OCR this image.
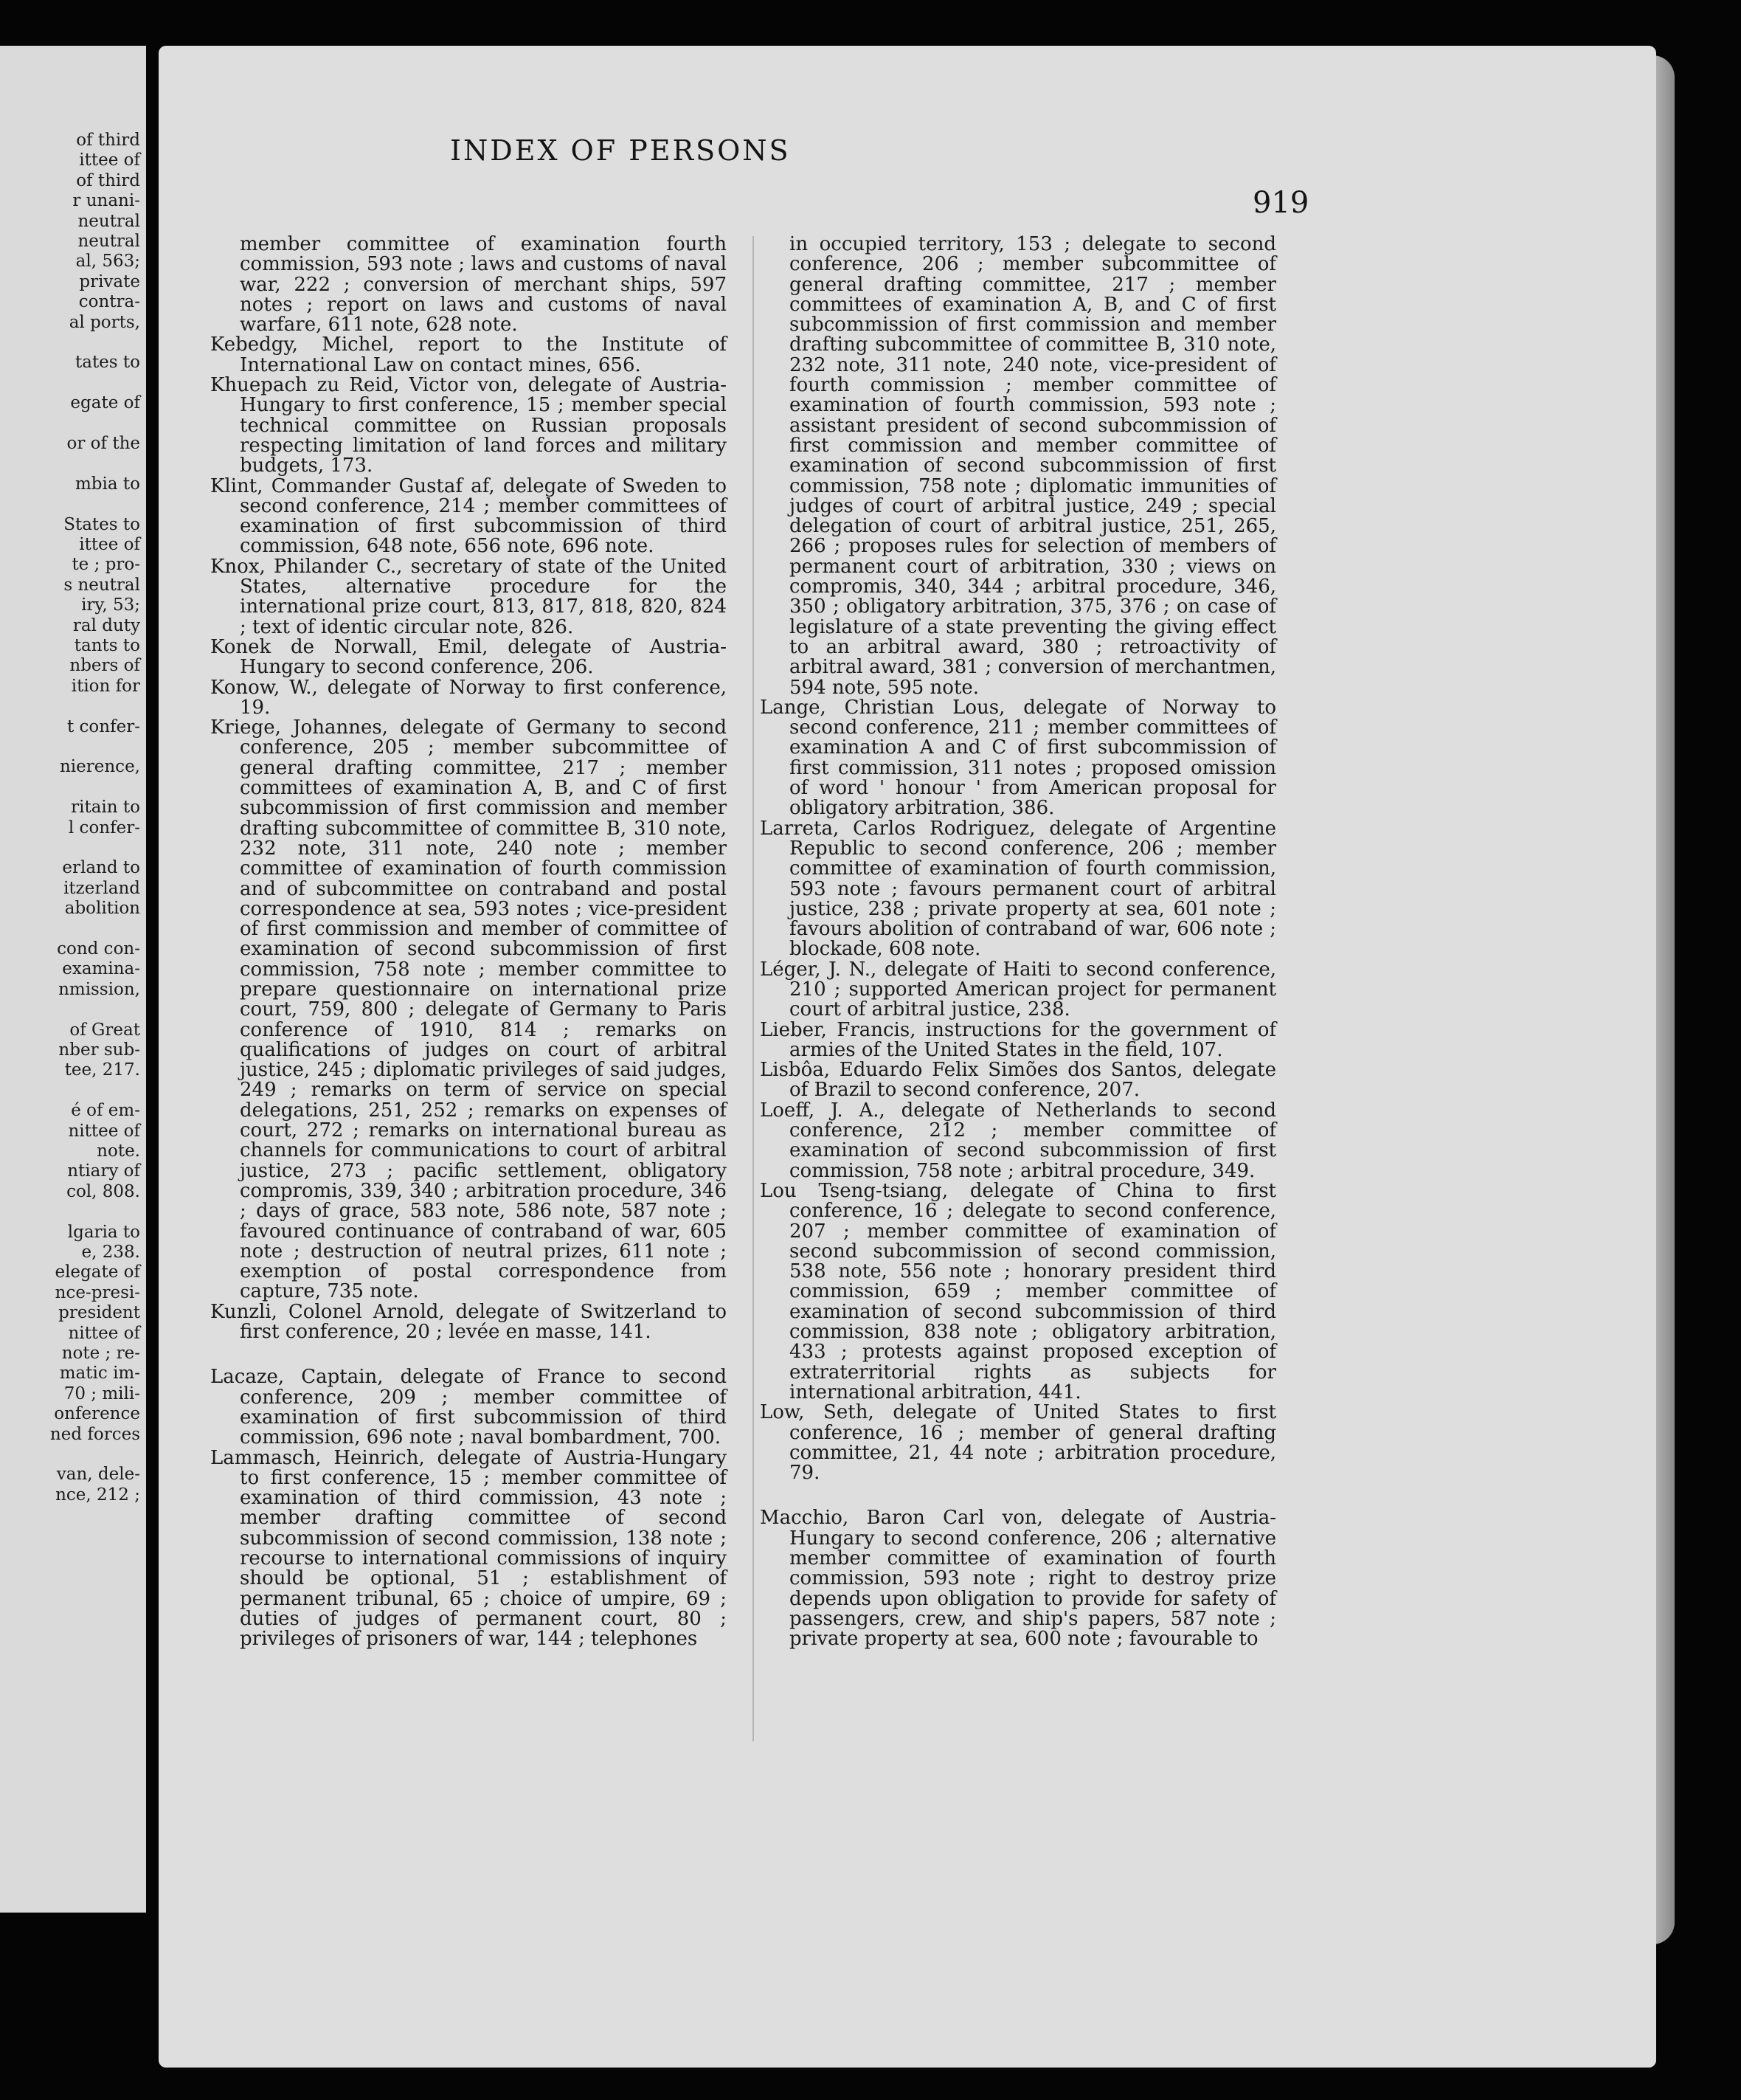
of third
ittee of
of third
r unani-
neutral
neutral
al, 563;
private
contra-
al ports,
tates to
egate of
or of the
mbia to
States to
ittee of
te ; pro-
s neutral
iry, 53;
ral duty
tants to
nbers of
ition for
t confer-
nierence,
ritain to
l confer-
erland to
itzerland
abolition
cond con-
examina-
nmission,
of Great
nber sub-
tee, 217.
é of em-
nittee of
note.
ntiary of
col, 808.
lgaria to
e, 238.
elegate of
nce-presi-
president
nittee of
note ; re-
matic im-
70 ; mili-
onference
ned forces
van, dele-
nce, 212 ;
INDEX OF PERSONS
919

member committee of examination fourth commission, 593 note ; laws and customs of naval war, 222 ; conversion of merchant ships, 597 notes ; report on laws and customs of naval warfare, 611 note, 628 note.

Kebedgy, Michel, report to the Institute of International Law on contact mines, 656.

Khuepach zu Reid, Victor von, delegate of Austria-Hungary to first conference, 15 ; member special technical committee on Russian proposals respecting limitation of land forces and military budgets, 173.

Klint, Commander Gustaf af, delegate of Sweden to second conference, 214 ; member committees of examination of first subcommission of third commission, 648 note, 656 note, 696 note.

Knox, Philander C., secretary of state of the United States, alternative procedure for the international prize court, 813, 817, 818, 820, 824 ; text of identic circular note, 826.

Konek de Norwall, Emil, delegate of Austria-Hungary to second conference, 206.

Konow, W., delegate of Norway to first conference, 19.

Kriege, Johannes, delegate of Germany to second conference, 205 ; member subcommittee of general drafting committee, 217 ; member committees of examination A, B, and C of first subcommission of first commission and member drafting subcommittee of committee B, 310 note, 232 note, 311 note, 240 note ; member committee of examination of fourth commission and of subcommittee on contraband and postal correspondence at sea, 593 notes ; vice-president of first commission and member of committee of examination of second subcommission of first commission, 758 note ; member committee to prepare questionnaire on international prize court, 759, 800 ; delegate of Germany to Paris conference of 1910, 814 ; remarks on qualifications of judges on court of arbitral justice, 245 ; diplomatic privileges of said judges, 249 ; remarks on term of service on special delegations, 251, 252 ; remarks on expenses of court, 272 ; remarks on international bureau as channels for communications to court of arbitral justice, 273 ; pacific settlement, obligatory compromis, 339, 340 ; arbitration procedure, 346 ; days of grace, 583 note, 586 note, 587 note ; favoured continuance of contraband of war, 605 note ; destruction of neutral prizes, 611 note ; exemption of postal correspondence from capture, 735 note.

Kunzli, Colonel Arnold, delegate of Switzerland to first conference, 20 ; levée en masse, 141.

Lacaze, Captain, delegate of France to second conference, 209 ; member committee of examination of first subcommission of third commission, 696 note ; naval bombardment, 700.

Lammasch, Heinrich, delegate of Austria-Hungary to first conference, 15 ; member committee of examination of third commission, 43 note ; member drafting committee of second subcommission of second commission, 138 note ; recourse to international commissions of inquiry should be optional, 51 ; establishment of permanent tribunal, 65 ; choice of umpire, 69 ; duties of judges of permanent court, 80 ; privileges of prisoners of war, 144 ; telephones

in occupied territory, 153 ; delegate to second conference, 206 ; member subcommittee of general drafting committee, 217 ; member committees of examination A, B, and C of first subcommission of first commission and member drafting subcommittee of committee B, 310 note, 232 note, 311 note, 240 note, vice-president of fourth commission ; member committee of examination of fourth commission, 593 note ; assistant president of second subcommission of first commission and member committee of examination of second subcommission of first commission, 758 note ; diplomatic immunities of judges of court of arbitral justice, 249 ; special delegation of court of arbitral justice, 251, 265, 266 ; proposes rules for selection of members of permanent court of arbitration, 330 ; views on compromis, 340, 344 ; arbitral procedure, 346, 350 ; obligatory arbitration, 375, 376 ; on case of legislature of a state preventing the giving effect to an arbitral award, 380 ; retroactivity of arbitral award, 381 ; conversion of merchantmen, 594 note, 595 note.

Lange, Christian Lous, delegate of Norway to second conference, 211 ; member committees of examination A and C of first subcommission of first commission, 311 notes ; proposed omission of word ' honour ' from American proposal for obligatory arbitration, 386.

Larreta, Carlos Rodriguez, delegate of Argentine Republic to second conference, 206 ; member committee of examination of fourth commission, 593 note ; favours permanent court of arbitral justice, 238 ; private property at sea, 601 note ; favours abolition of contraband of war, 606 note ; blockade, 608 note.

Léger, J. N., delegate of Haiti to second conference, 210 ; supported American project for permanent court of arbitral justice, 238.

Lieber, Francis, instructions for the government of armies of the United States in the field, 107.

Lisbôa, Eduardo Felix Simões dos Santos, delegate of Brazil to second conference, 207.

Loeff, J. A., delegate of Netherlands to second conference, 212 ; member committee of examination of second subcommission of first commission, 758 note ; arbitral procedure, 349.

Lou Tseng-tsiang, delegate of China to first conference, 16 ; delegate to second conference, 207 ; member committee of examination of second subcommission of second commission, 538 note, 556 note ; honorary president third commission, 659 ; member committee of examination of second subcommission of third commission, 838 note ; obligatory arbitration, 433 ; protests against proposed exception of extraterritorial rights as subjects for international arbitration, 441.

Low, Seth, delegate of United States to first conference, 16 ; member of general drafting committee, 21, 44 note ; arbitration procedure, 79.

Macchio, Baron Carl von, delegate of Austria-Hungary to second conference, 206 ; alternative member committee of examination of fourth commission, 593 note ; right to destroy prize depends upon obligation to provide for safety of passengers, crew, and ship's papers, 587 note ; private property at sea, 600 note ; favourable to
